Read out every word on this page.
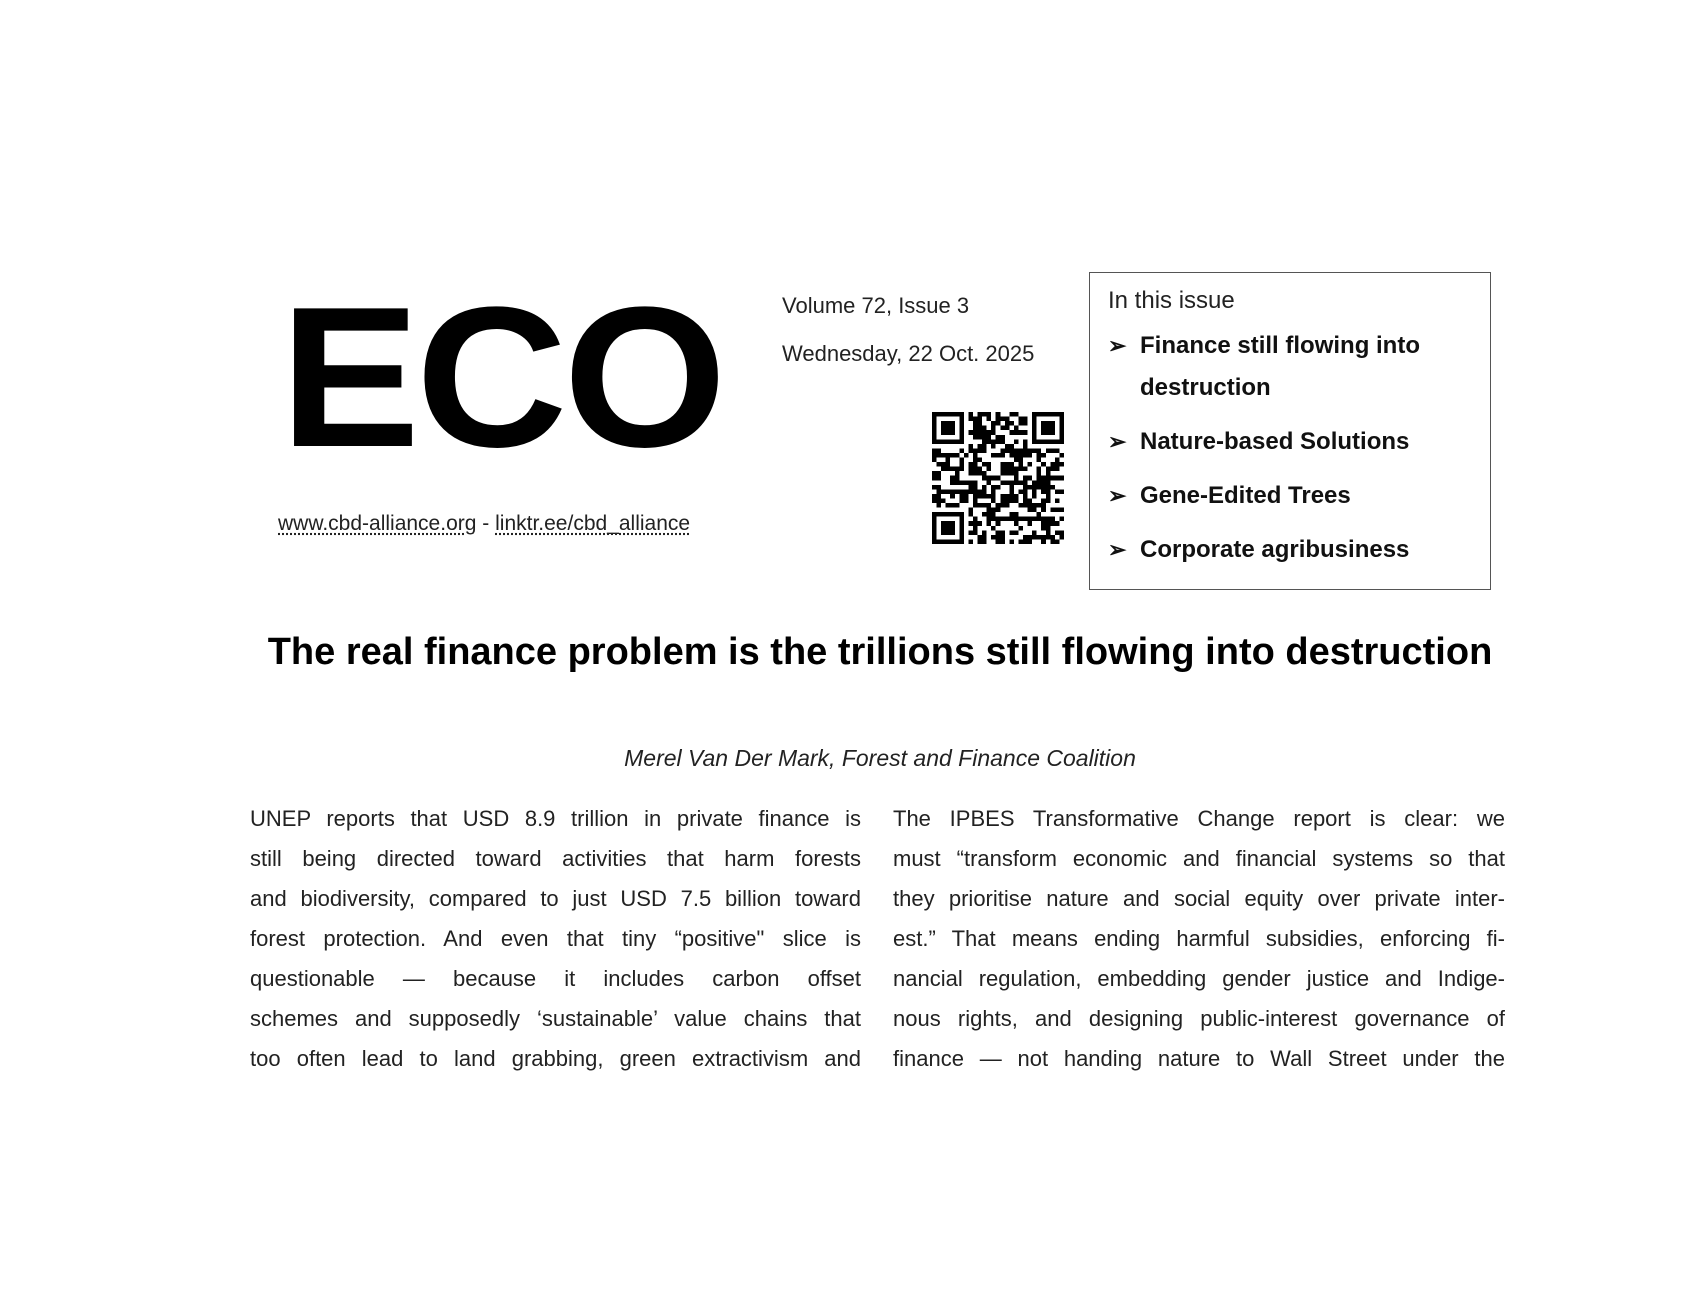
ECO
www.cbd-alliance.org - linktr.ee/cbd_alliance
Volume 72, Issue 3
Wednesday, 22 Oct. 2025
In this issue
➢ Finance still flowing into destruction
➢ Nature-based Solutions
➢ Gene-Edited Trees
➢ Corporate agribusiness
The real finance problem is the trillions still flowing into destruction
Merel Van Der Mark, Forest and Finance Coalition
UNEP reports that USD 8.9 trillion in private finance is
still being directed toward activities that harm forests
and biodiversity, compared to just USD 7.5 billion toward
forest protection. And even that tiny “positive" slice is
questionable — because it includes carbon offset
schemes and supposedly ‘sustainable’ value chains that
too often lead to land grabbing, green extractivism and
The IPBES Transformative Change report is clear: we
must “transform economic and financial systems so that
they prioritise nature and social equity over private inter-
est.” That means ending harmful subsidies, enforcing fi-
nancial regulation, embedding gender justice and Indige-
nous rights, and designing public-interest governance of
finance — not handing nature to Wall Street under the
